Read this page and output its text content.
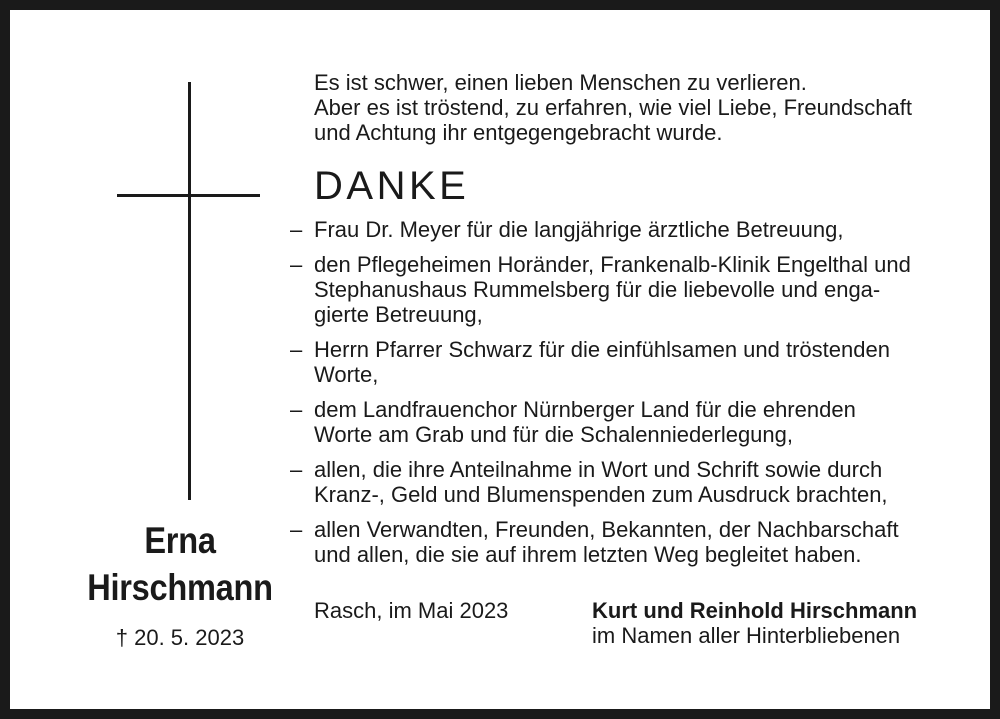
Erna
Hirschmann
† 20. 5. 2023
Es ist schwer, einen lieben Menschen zu verlieren.
Aber es ist tröstend, zu erfahren, wie viel Liebe, Freundschaft
und Achtung ihr entgegengebracht wurde.
DANKE
– Frau Dr. Meyer für die langjährige ärztliche Betreuung,
– den Pflegeheimen Horänder, Frankenalb-Klinik Engelthal und
Stephanushaus Rummelsberg für die liebevolle und enga-
gierte Betreuung,
– Herrn Pfarrer Schwarz für die einfühlsamen und tröstenden
Worte,
– dem Landfrauenchor Nürnberger Land für die ehrenden
Worte am Grab und für die Schalenniederlegung,
– allen, die ihre Anteilnahme in Wort und Schrift sowie durch
Kranz-, Geld und Blumenspenden zum Ausdruck brachten,
– allen Verwandten, Freunden, Bekannten, der Nachbarschaft
und allen, die sie auf ihrem letzten Weg begleitet haben.
Rasch, im Mai 2023	Kurt und Reinhold Hirschmann
im Namen aller Hinterbliebenen
